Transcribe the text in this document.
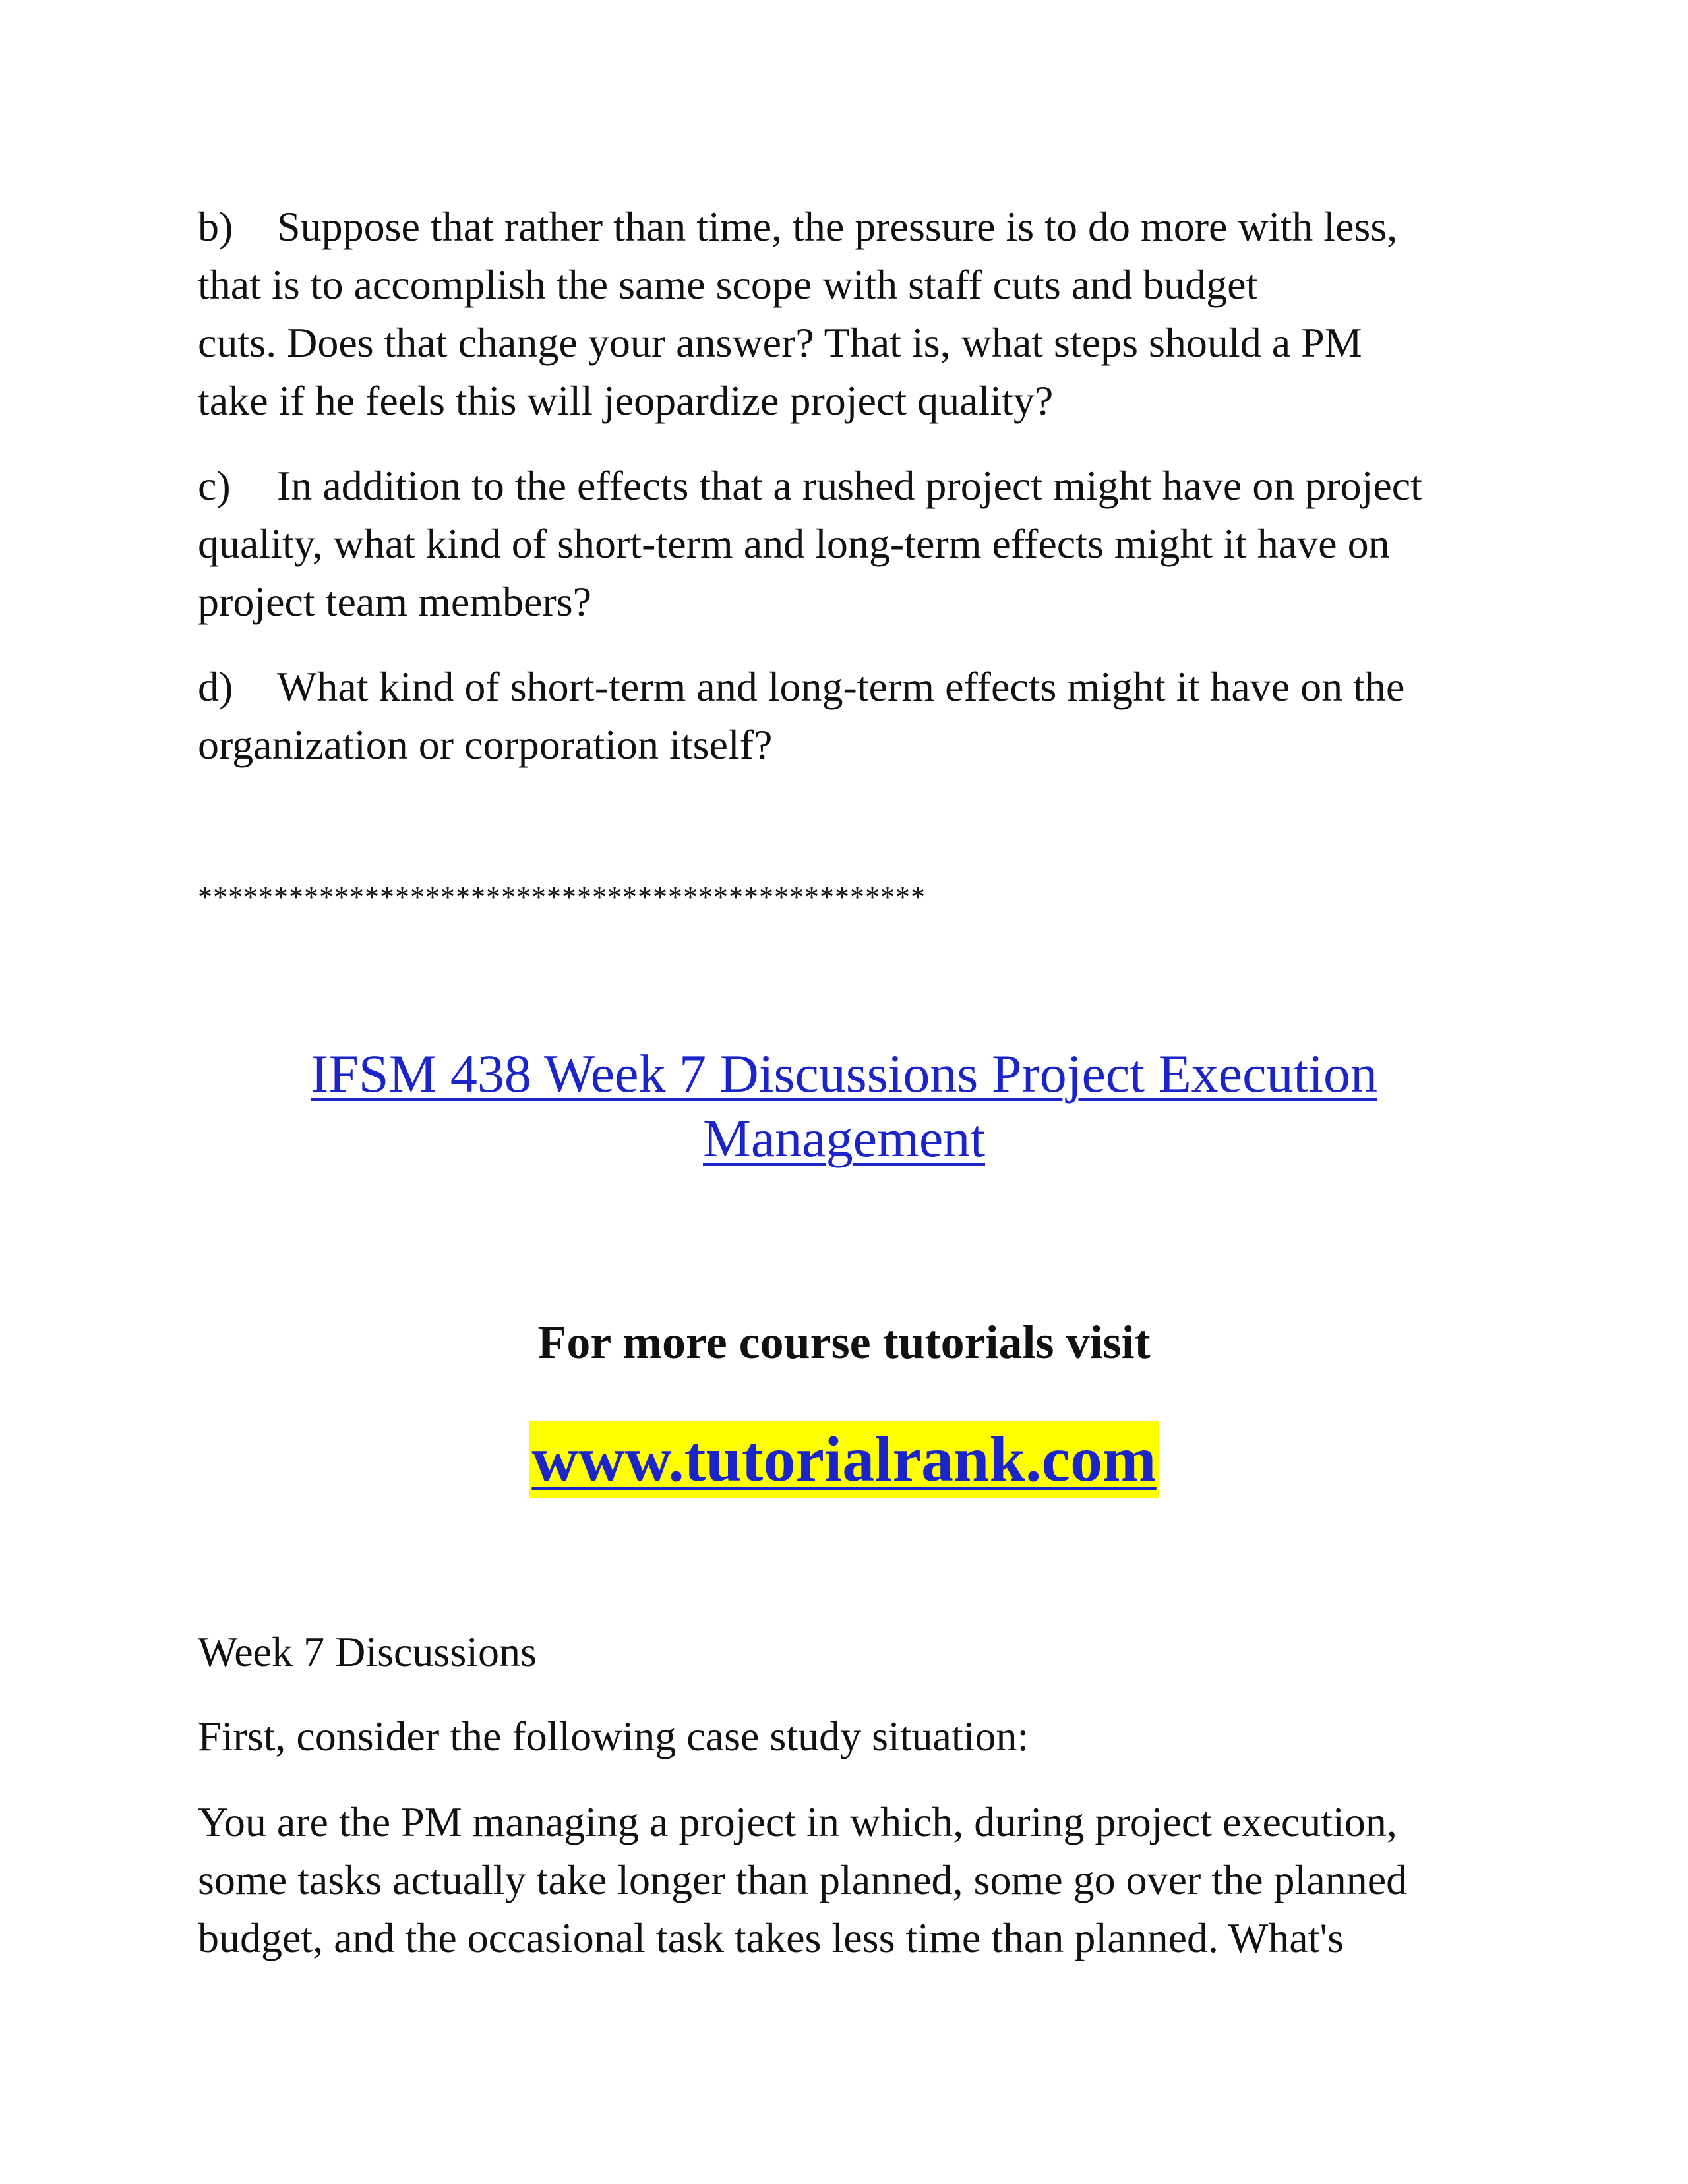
b) Suppose that rather than time, the pressure is to do more with less,
that is to accomplish the same scope with staff cuts and budget
cuts. Does that change your answer? That is, what steps should a PM
take if he feels this will jeopardize project quality?
c) In addition to the effects that a rushed project might have on project
quality, what kind of short-term and long-term effects might it have on
project team members?
d) What kind of short-term and long-term effects might it have on the
organization or corporation itself?
************************************************
IFSM 438 Week 7 Discussions Project Execution
Management
For more course tutorials visit
www.tutorialrank.com
Week 7 Discussions
First, consider the following case study situation:
You are the PM managing a project in which, during project execution,
some tasks actually take longer than planned, some go over the planned
budget, and the occasional task takes less time than planned. What's
